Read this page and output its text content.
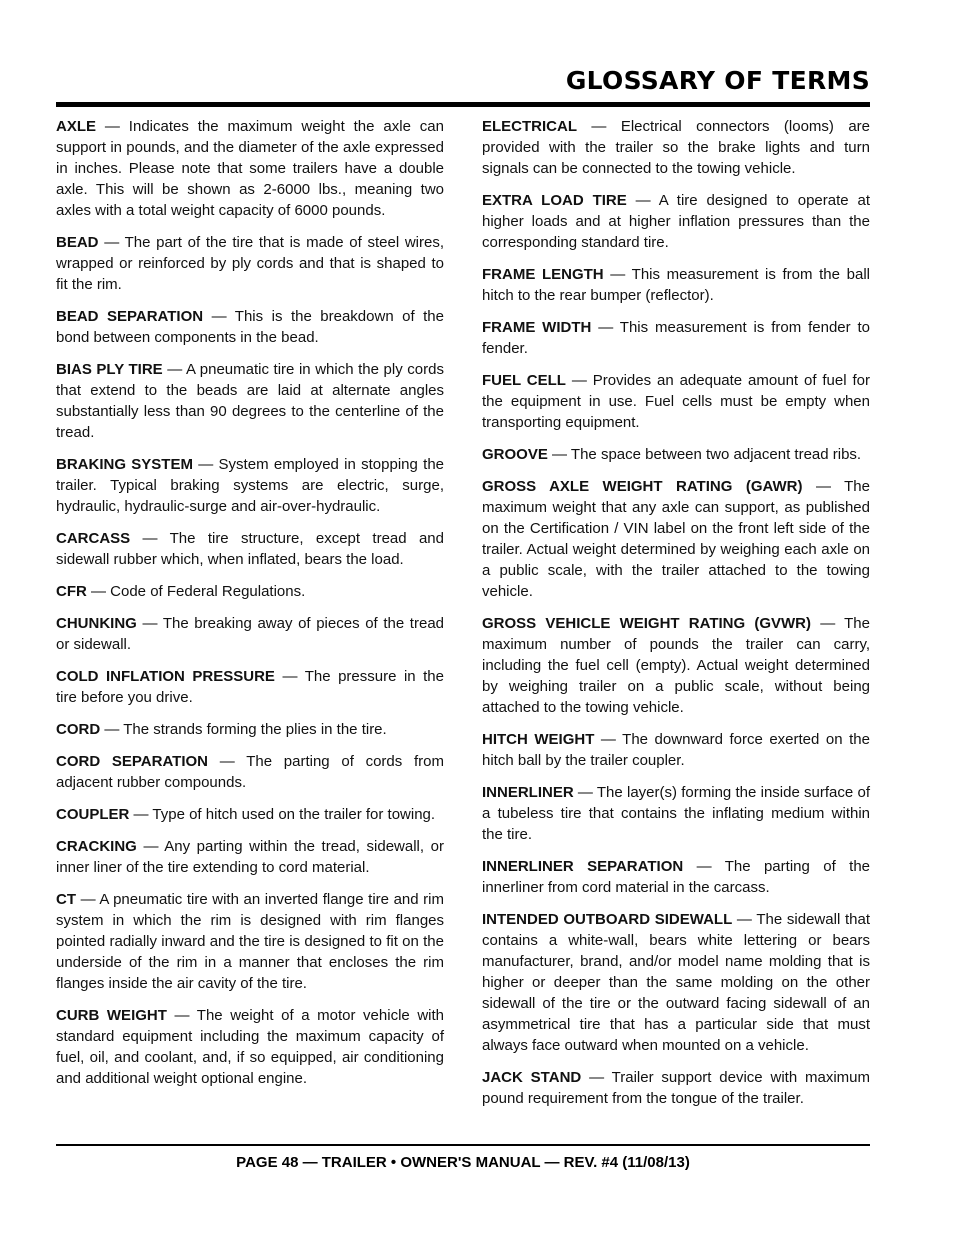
GLOSSARY OF TERMS

AXLE — Indicates the maximum weight the axle can support in pounds, and the diameter of the axle expressed in inches. Please note that some trailers have a double axle. This will be shown as 2-6000 lbs., meaning two axles with a total weight capacity of 6000 pounds.

BEAD — The part of the tire that is made of steel wires, wrapped or reinforced by ply cords and that is shaped to fit the rim.

BEAD SEPARATION — This is the breakdown of the bond between components in the bead.

BIAS PLY TIRE — A pneumatic tire in which the ply cords that extend to the beads are laid at alternate angles substantially less than 90 degrees to the centerline of the tread.

BRAKING SYSTEM — System employed in stopping the trailer. Typical braking systems are electric, surge, hydraulic, hydraulic-surge and air-over-hydraulic.

CARCASS — The tire structure, except tread and sidewall rubber which, when inflated, bears the load.

CFR — Code of Federal Regulations.

CHUNKING — The breaking away of pieces of the tread or sidewall.

COLD INFLATION PRESSURE — The pressure in the tire before you drive.

CORD — The strands forming the plies in the tire.

CORD SEPARATION — The parting of cords from adjacent rubber compounds.

COUPLER — Type of hitch used on the trailer for towing.

CRACKING — Any parting within the tread, sidewall, or inner liner of the tire extending to cord material.

CT — A pneumatic tire with an inverted flange tire and rim system in which the rim is designed with rim flanges pointed radially inward and the tire is designed to fit on the underside of the rim in a manner that encloses the rim flanges inside the air cavity of the tire.

CURB WEIGHT — The weight of a motor vehicle with standard equipment including the maximum capacity of fuel, oil, and coolant, and, if so equipped, air conditioning and additional weight optional engine.

ELECTRICAL — Electrical connectors (looms) are provided with the trailer so the brake lights and turn signals can be connected to the towing vehicle.

EXTRA LOAD TIRE — A tire designed to operate at higher loads and at higher inflation pressures than the corresponding standard tire.

FRAME LENGTH — This measurement is from the ball hitch to the rear bumper (reflector).

FRAME WIDTH — This measurement is from fender to fender.

FUEL CELL — Provides an adequate amount of fuel for the equipment in use. Fuel cells must be empty when transporting equipment.

GROOVE — The space between two adjacent tread ribs.

GROSS AXLE WEIGHT RATING (GAWR) — The maximum weight that any axle can support, as published on the Certification / VIN label on the front left side of the trailer. Actual weight determined by weighing each axle on a public scale, with the trailer attached to the towing vehicle.

GROSS VEHICLE WEIGHT RATING (GVWR) — The maximum number of pounds the trailer can carry, including the fuel cell (empty). Actual weight determined by weighing trailer on a public scale, without being attached to the towing vehicle.

HITCH WEIGHT — The downward force exerted on the hitch ball by the trailer coupler.

INNERLINER — The layer(s) forming the inside surface of a tubeless tire that contains the inflating medium within the tire.

INNERLINER SEPARATION — The parting of the innerliner from cord material in the carcass.

INTENDED OUTBOARD SIDEWALL — The sidewall that contains a white-wall, bears white lettering or bears manufacturer, brand, and/or model name molding that is higher or deeper than the same molding on the other sidewall of the tire or the outward facing sidewall of an asymmetrical tire that has a particular side that must always face outward when mounted on a vehicle.

JACK STAND — Trailer support device with maximum pound requirement from the tongue of the trailer.

PAGE 48 — TRAILER • OWNER'S MANUAL — REV. #4 (11/08/13)
